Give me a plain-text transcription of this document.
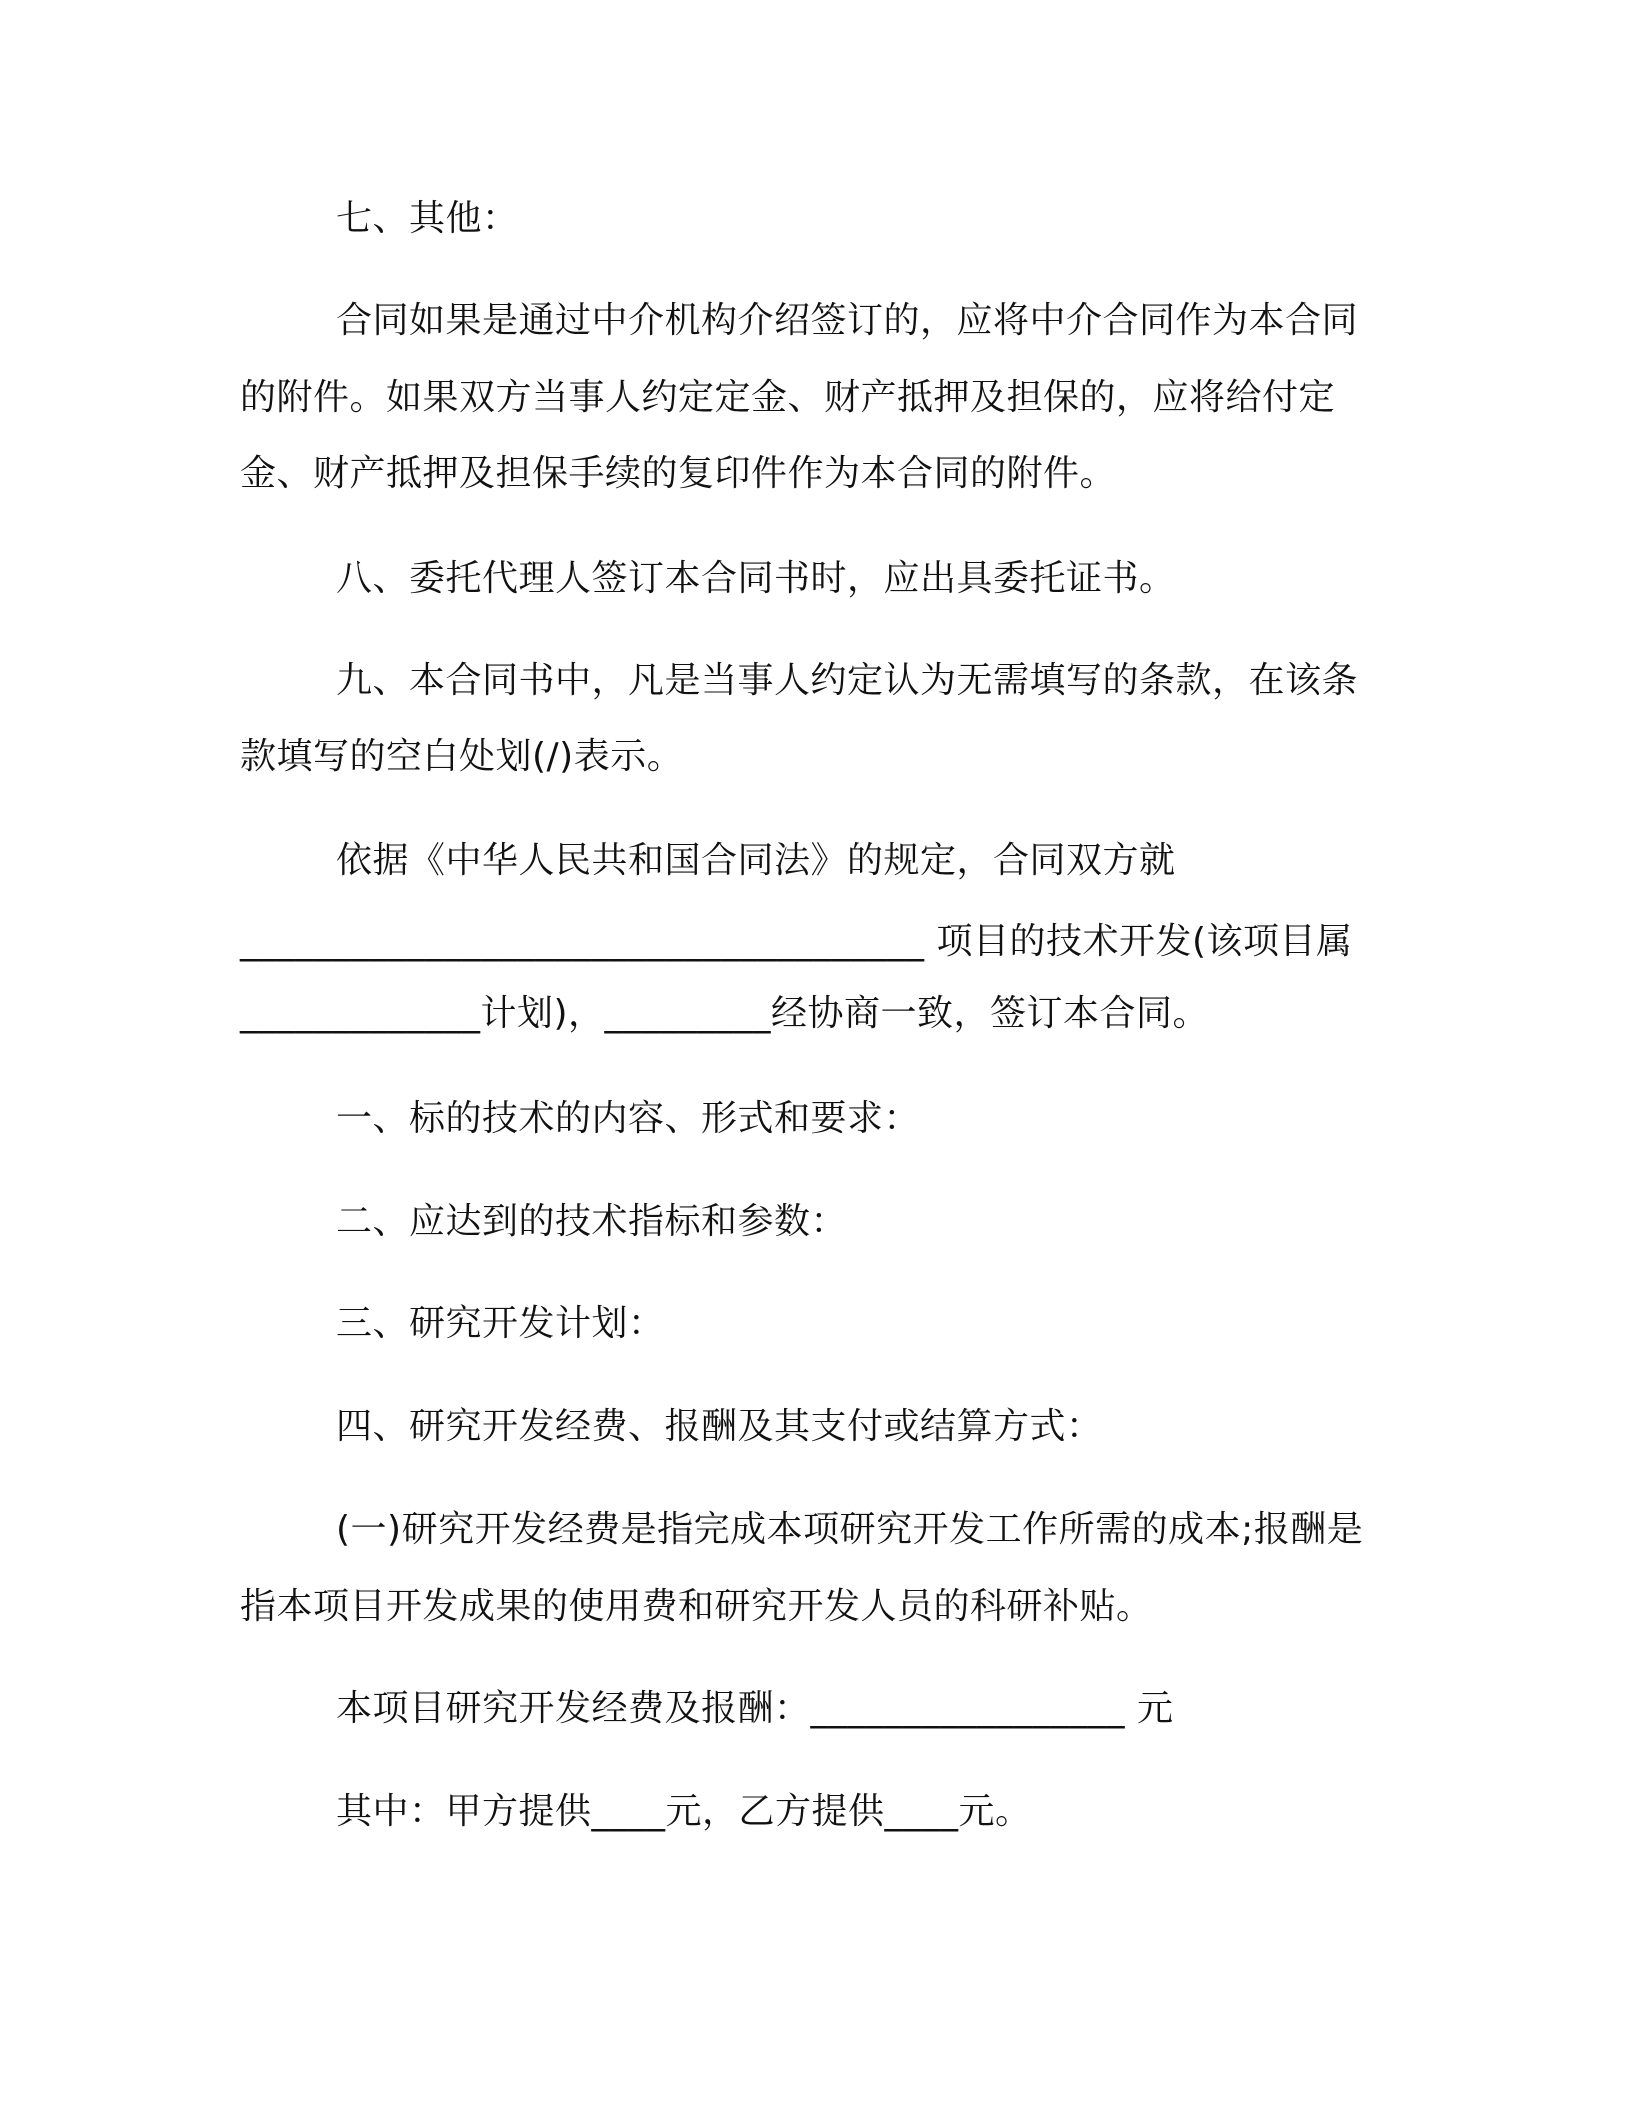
七、其他：
合同如果是通过中介机构介绍签订的，应将中介合同作为本合同
的附件。如果双方当事人约定定金、财产抵押及担保的，应将给付定
金、财产抵押及担保手续的复印件作为本合同的附件。
八、委托代理人签订本合同书时，应出具委托证书。
九、本合同书中，凡是当事人约定认为无需填写的条款，在该条
款填写的空白处划(/)表示。
依据《中华人民共和国合同法》的规定，合同双方就
_____________________________________ 项目的技术开发(该项目属
_____________计划)，_________经协商一致，签订本合同。
一、标的技术的内容、形式和要求：
二、应达到的技术指标和参数：
三、研究开发计划：
四、研究开发经费、报酬及其支付或结算方式：
(一)研究开发经费是指完成本项研究开发工作所需的成本;报酬是
指本项目开发成果的使用费和研究开发人员的科研补贴。
本项目研究开发经费及报酬：_________________ 元
其中：甲方提供____元，乙方提供____元。
